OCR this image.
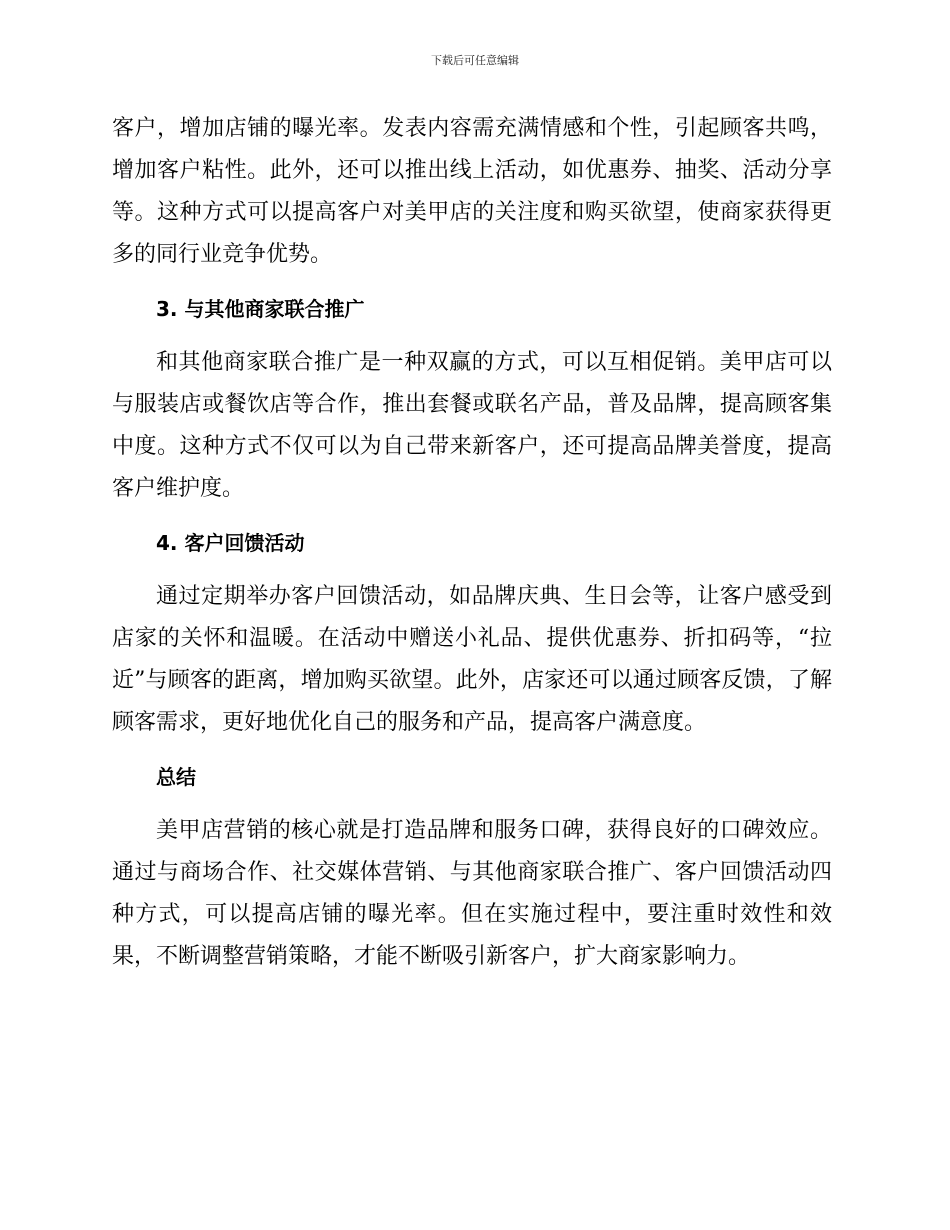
下载后可任意编辑

客户，增加店铺的曝光率。发表内容需充满情感和个性，引起顾客共鸣，增加客户粘性。此外，还可以推出线上活动，如优惠券、抽奖、活动分享等。这种方式可以提高客户对美甲店的关注度和购买欲望，使商家获得更多的同行业竞争优势。

3. 与其他商家联合推广

和其他商家联合推广是一种双赢的方式，可以互相促销。美甲店可以与服装店或餐饮店等合作，推出套餐或联名产品，普及品牌，提高顾客集中度。这种方式不仅可以为自己带来新客户，还可提高品牌美誉度，提高客户维护度。

4. 客户回馈活动

通过定期举办客户回馈活动，如品牌庆典、生日会等，让客户感受到店家的关怀和温暖。在活动中赠送小礼品、提供优惠券、折扣码等，“拉近”与顾客的距离，增加购买欲望。此外，店家还可以通过顾客反馈，了解顾客需求，更好地优化自己的服务和产品，提高客户满意度。

总结

美甲店营销的核心就是打造品牌和服务口碑，获得良好的口碑效应。通过与商场合作、社交媒体营销、与其他商家联合推广、客户回馈活动四种方式，可以提高店铺的曝光率。但在实施过程中，要注重时效性和效果，不断调整营销策略，才能不断吸引新客户，扩大商家影响力。
